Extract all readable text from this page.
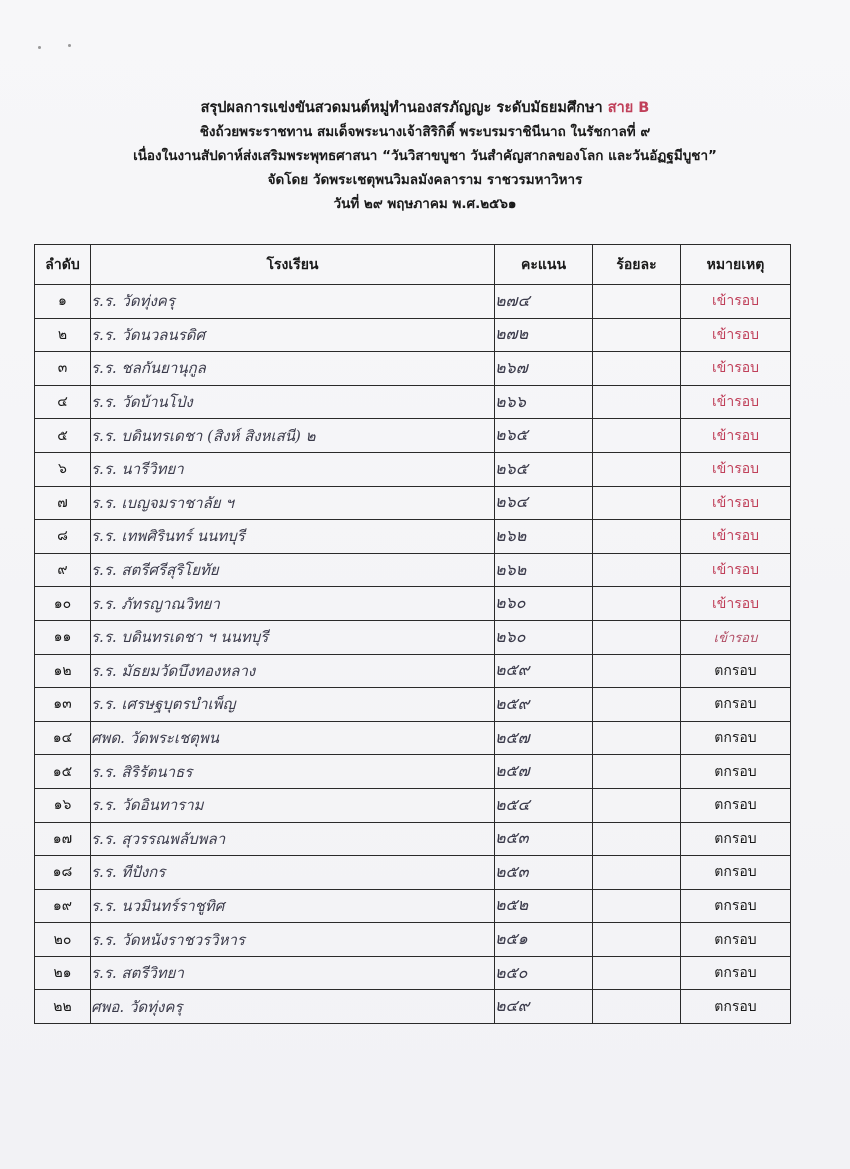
สรุปผลการแข่งขันสวดมนต์หมู่ทำนองสรภัญญะ ระดับมัธยมศึกษา สาย B
ชิงถ้วยพระราชทาน สมเด็จพระนางเจ้าสิริกิติ์ พระบรมราชินีนาถ ในรัชกาลที่ ๙
เนื่องในงานสัปดาห์ส่งเสริมพระพุทธศาสนา “วันวิสาขบูชา วันสำคัญสากลของโลก และวันอัฏฐมีบูชา”
จัดโดย วัดพระเชตุพนวิมลมังคลาราม ราชวรมหาวิหาร
วันที่ ๒๙ พฤษภาคม พ.ศ.๒๕๖๑
ลำดับ	โรงเรียน	คะแนน	ร้อยละ	หมายเหตุ
๑	ร.ร. วัดทุ่งครุ	๒๗๔		เข้ารอบ
๒	ร.ร. วัดนวลนรดิศ	๒๗๒		เข้ารอบ
๓	ร.ร. ชลกันยานุกูล	๒๖๗		เข้ารอบ
๔	ร.ร. วัดบ้านโป่ง	๒๖๖		เข้ารอบ
๕	ร.ร. บดินทรเดชา (สิงห์ สิงหเสนี) ๒	๒๖๕		เข้ารอบ
๖	ร.ร. นารีวิทยา	๒๖๕		เข้ารอบ
๗	ร.ร. เบญจมราชาลัย ฯ	๒๖๔		เข้ารอบ
๘	ร.ร. เทพศิรินทร์ นนทบุรี	๒๖๒		เข้ารอบ
๙	ร.ร. สตรีศรีสุริโยทัย	๒๖๒		เข้ารอบ
๑๐	ร.ร. ภัทรญาณวิทยา	๒๖๐		เข้ารอบ
๑๑	ร.ร. บดินทรเดชา ฯ นนทบุรี	๒๖๐		เข้ารอบ
๑๒	ร.ร. มัธยมวัดบึงทองหลาง	๒๕๙		ตกรอบ
๑๓	ร.ร. เศรษฐบุตรบำเพ็ญ	๒๕๙		ตกรอบ
๑๔	ศพด. วัดพระเชตุพน	๒๕๗		ตกรอบ
๑๕	ร.ร. สิริรัตนาธร	๒๕๗		ตกรอบ
๑๖	ร.ร. วัดอินทาราม	๒๕๔		ตกรอบ
๑๗	ร.ร. สุวรรณพลับพลา	๒๕๓		ตกรอบ
๑๘	ร.ร. ทีปังกร	๒๕๓		ตกรอบ
๑๙	ร.ร. นวมินทร์ราชูทิศ	๒๕๒		ตกรอบ
๒๐	ร.ร. วัดหนังราชวรวิหาร	๒๕๑		ตกรอบ
๒๑	ร.ร. สตรีวิทยา	๒๕๐		ตกรอบ
๒๒	ศพอ. วัดทุ่งครุ	๒๔๙		ตกรอบ
